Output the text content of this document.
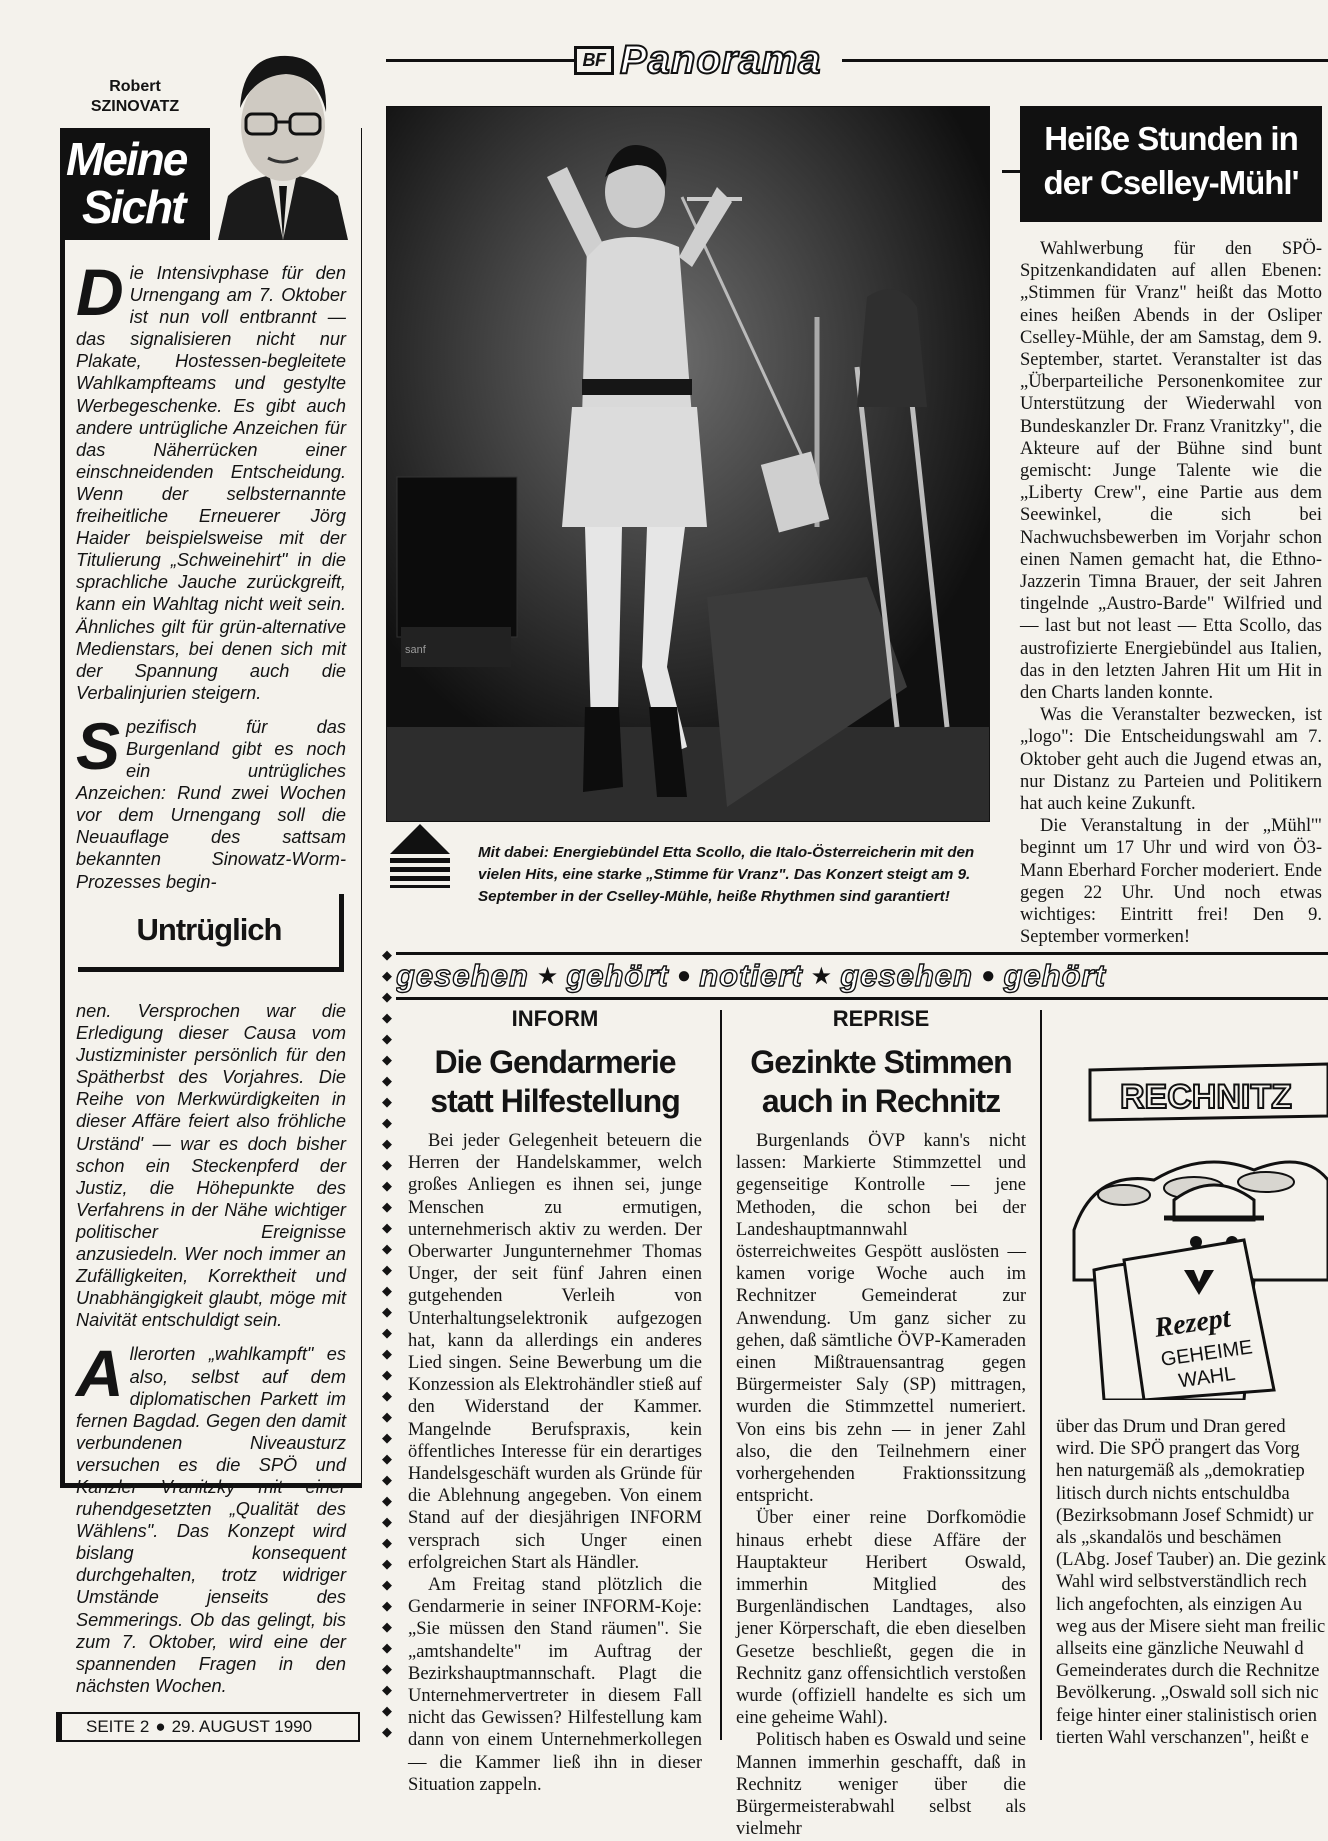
BF Panorama
Robert
SZINOVATZ
Meine
Sicht

Die Intensivphase für den Urnengang am 7. Oktober ist nun voll entbrannt — das signalisieren nicht nur Plakate, Hostessen-begleitete Wahlkampfteams und gestylte Werbegeschenke. Es gibt auch andere untrügliche Anzeichen für das Näherrücken einer einschneidenden Entscheidung. Wenn der selbsternannte freiheitliche Erneuerer Jörg Haider beispielsweise mit der Titulierung „Schweinehirt" in die sprachliche Jauche zurückgreift, kann ein Wahltag nicht weit sein. Ähnliches gilt für grün-alternative Medienstars, bei denen sich mit der Spannung auch die Verbalinjurien steigern.

Spezifisch für das Burgenland gibt es noch ein untrügliches Anzeichen: Rund zwei Wochen vor dem Urnengang soll die Neuauflage des sattsam bekannten Sinowatz-Worm-Prozesses begin-

Untrüglich

nen. Versprochen war die Erledigung dieser Causa vom Justizminister persönlich für den Spätherbst des Vorjahres. Die Reihe von Merkwürdigkeiten in dieser Affäre feiert also fröhliche Urständ' — war es doch bisher schon ein Steckenpferd der Justiz, die Höhepunkte des Verfahrens in der Nähe wichtiger politischer Ereignisse anzusiedeln. Wer noch immer an Zufälligkeiten, Korrektheit und Unabhängigkeit glaubt, möge mit Naivität entschuldigt sein.

Allerorten „wahlkampft" es also, selbst auf dem diplomatischen Parkett im fernen Bagdad. Gegen den damit verbundenen Niveausturz versuchen es die SPÖ und Kanzler Vranitzky mit einer ruhendgesetzten „Qualität des Wählens". Das Konzept wird bislang konsequent durchgehalten, trotz widriger Umstände jenseits des Semmerings. Ob das gelingt, bis zum 7. Oktober, wird eine der spannenden Fragen in den nächsten Wochen.

SEITE 2 ● 29. AUGUST 1990
sanf
Mit dabei: Energiebündel Etta Scollo, die Italo-Österreicherin mit den vielen Hits, eine starke „Stimme für Vranz". Das Konzert steigt am 9. September in der Cselley-Mühle, heiße Rhythmen sind garantiert!
Heiße Stunden in
der Cselley-Mühl'

Wahlwerbung für den SPÖ-Spitzenkandidaten auf allen Ebenen: „Stimmen für Vranz" heißt das Motto eines heißen Abends in der Osliper Cselley-Mühle, der am Samstag, dem 9. September, startet. Veranstalter ist das „Überparteiliche Personenkomitee zur Unterstützung der Wiederwahl von Bundeskanzler Dr. Franz Vranitzky", die Akteure auf der Bühne sind bunt gemischt: Junge Talente wie die „Liberty Crew", eine Partie aus dem Seewinkel, die sich bei Nachwuchsbewerben im Vorjahr schon einen Namen gemacht hat, die Ethno-Jazzerin Timna Brauer, der seit Jahren tingelnde „Austro-Barde" Wilfried und — last but not least — Etta Scollo, das austrofizierte Energiebündel aus Italien, das in den letzten Jahren Hit um Hit in den Charts landen konnte.

Was die Veranstalter bezwecken, ist „logo": Die Entscheidungswahl am 7. Oktober geht auch die Jugend etwas an, nur Distanz zu Parteien und Politikern hat auch keine Zukunft.

Die Veranstaltung in der „Mühl'" beginnt um 17 Uhr und wird von Ö3-Mann Eberhard Forcher moderiert. Ende gegen 22 Uhr. Und noch etwas wichtiges: Eintritt frei! Den 9. September vormerken!

gesehen ★ gehört ● notiert ★ gesehen ● gehört
◆
◆
◆
◆
◆
◆
◆
◆
◆
◆
◆
◆
◆
◆
◆
◆
◆
◆
◆
◆
◆
◆
◆
◆
◆
◆
◆
◆
◆
◆
◆
◆
◆
◆
◆
◆
◆
◆
INFORM
Die Gendarmerie
statt Hilfestellung

Bei jeder Gelegenheit beteuern die Herren der Handelskammer, welch großes Anliegen es ihnen sei, junge Menschen zu ermutigen, unternehmerisch aktiv zu werden. Der Oberwarter Jungunternehmer Thomas Unger, der seit fünf Jahren einen gutgehenden Verleih von Unterhaltungselektronik aufgezogen hat, kann da allerdings ein anderes Lied singen. Seine Bewerbung um die Konzession als Elektrohändler stieß auf den Widerstand der Kammer. Mangelnde Berufspraxis, kein öffentliches Interesse für ein derartiges Handelsgeschäft wurden als Gründe für die Ablehnung angegeben. Von einem Stand auf der diesjährigen INFORM versprach sich Unger einen erfolgreichen Start als Händler.

Am Freitag stand plötzlich die Gendarmerie in seiner INFORM-Koje: „Sie müssen den Stand räumen". Sie „amtshandelte" im Auftrag der Bezirkshauptmannschaft. Plagt die Unternehmervertreter in diesem Fall nicht das Gewissen? Hilfestellung kam dann von einem Unternehmerkollegen — die Kammer ließ ihn in dieser Situation zappeln.

REPRISE
Gezinkte Stimmen
auch in Rechnitz

Burgenlands ÖVP kann's nicht lassen: Markierte Stimmzettel und gegenseitige Kontrolle — jene Methoden, die schon bei der Landeshauptmannwahl österreichweites Gespött auslösten — kamen vorige Woche auch im Rechnitzer Gemeinderat zur Anwendung. Um ganz sicher zu gehen, daß sämtliche ÖVP-Kameraden einen Mißtrauensantrag gegen Bürgermeister Saly (SP) mittragen, wurden die Stimmzettel numeriert. Von eins bis zehn — in jener Zahl also, die den Teilnehmern einer vorhergehenden Fraktionssitzung entspricht.

Über einer reine Dorfkomödie hinaus erhebt diese Affäre der Hauptakteur Heribert Oswald, immerhin Mitglied des Burgenländischen Landtages, also jener Körperschaft, die eben dieselben Gesetze beschließt, gegen die in Rechnitz ganz offensichtlich verstoßen wurde (offiziell handelte es sich um eine geheime Wahl).

Politisch haben es Oswald und seine Mannen immerhin geschafft, daß in Rechnitz weniger über die Bürgermeisterabwahl selbst als vielmehr

RECHNITZ
Rezept
GEHEIME
WAHL
über das Drum und Dran gered
wird. Die SPÖ prangert das Vorg
hen naturgemäß als „demokratiep
litisch durch nichts entschuldba
(Bezirksobmann Josef Schmidt) ur
als „skandalös und beschämen
(LAbg. Josef Tauber) an. Die gezink
Wahl wird selbstverständlich rech
lich angefochten, als einzigen Au
weg aus der Misere sieht man freilic
allseits eine gänzliche Neuwahl d
Gemeinderates durch die Rechnitze
Bevölkerung. „Oswald soll sich nic
feige hinter einer stalinistisch orien
tierten Wahl verschanzen", heißt e
